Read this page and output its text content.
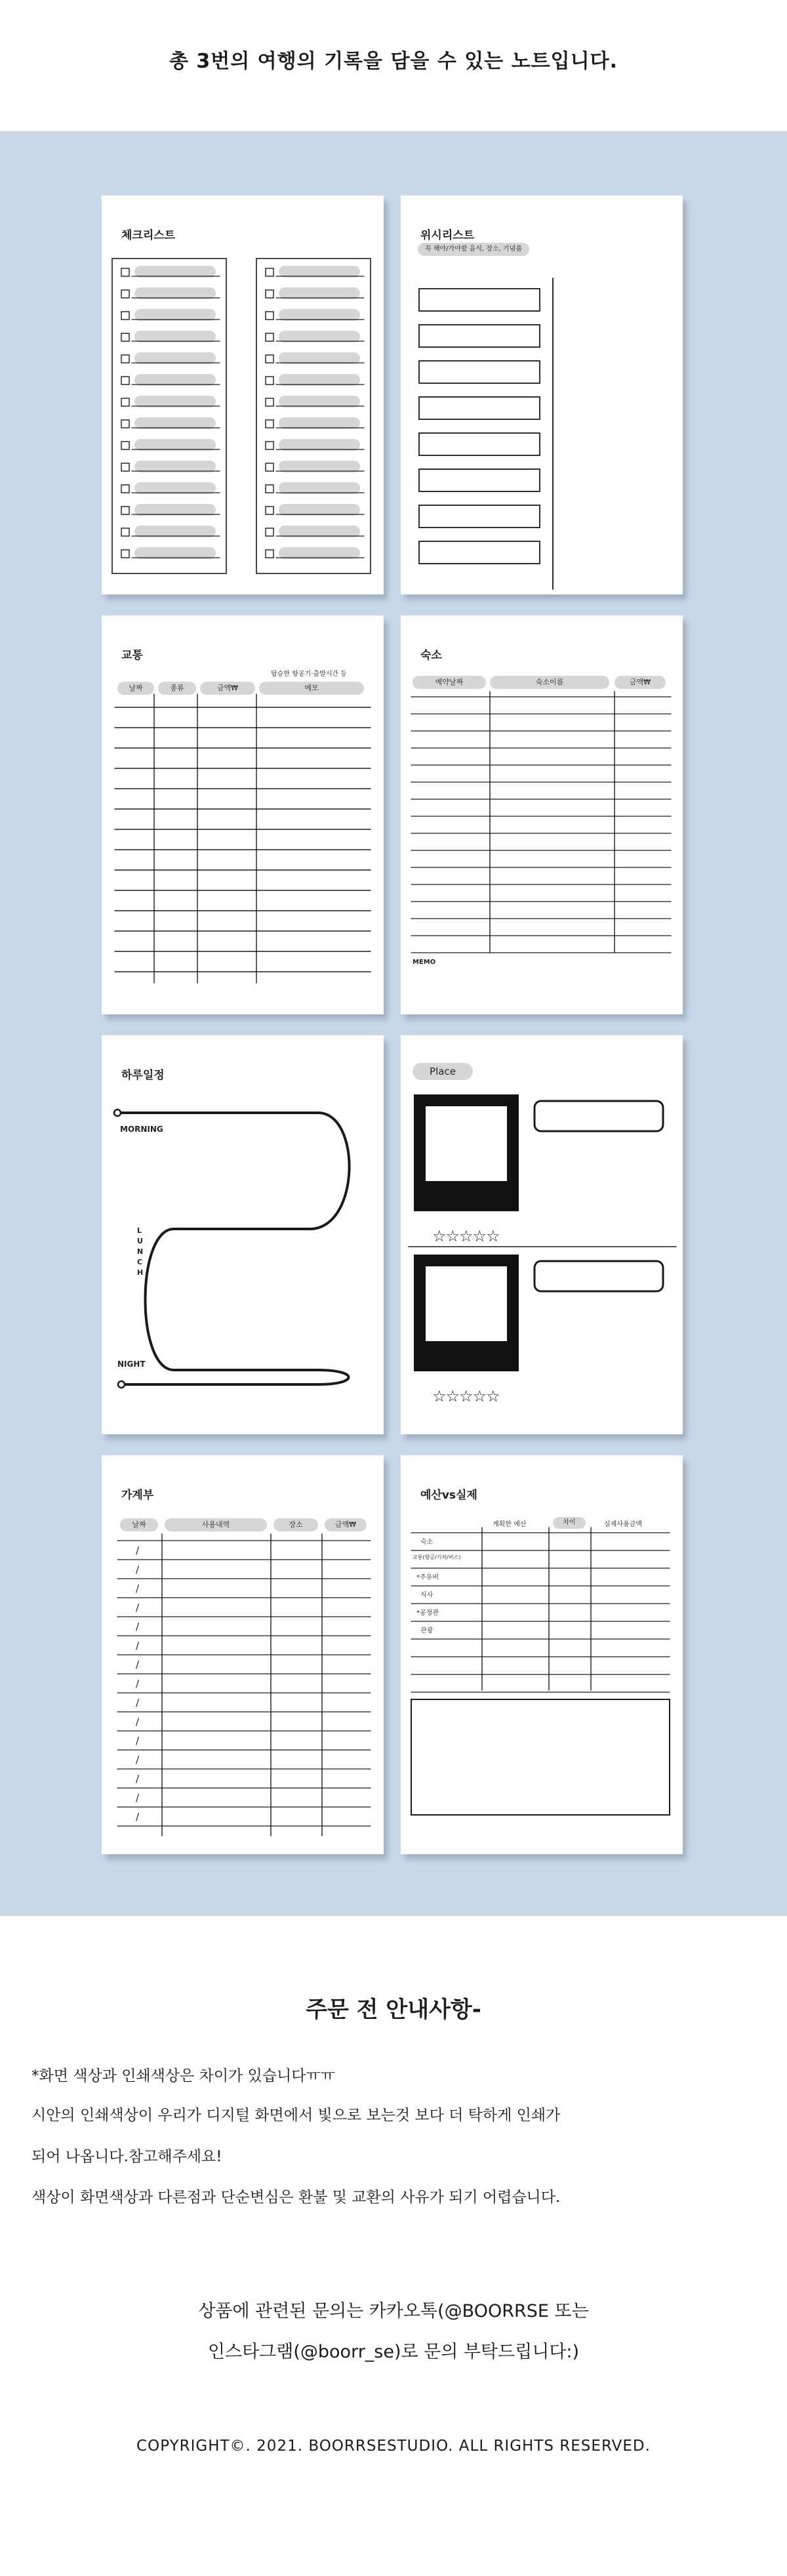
총 3번의 여행의 기록을 담을 수 있는 노트입니다.
체크리스트	위시리스트
꼭 해야/가야할 음식, 장소, 기념품
교통
탑승한 항공기·출발시간 등
날짜	종류	금액₩	메모
숙소
예약날짜	숙소이름	금액₩
MEMO
하루일정
MORNING
LUNCH
NIGHT
Place
☆☆☆☆☆
☆☆☆☆☆
가계부
날짜	사용내역	장소	금액₩
/
/
/
/
/
/
/
/
/
/
/
/
/
/
/
예산vs실제
계획한 예산	차이	실제사용금액
숙소
교통(항공/기차/버스)
*주유비
식사
*공정관
관광
주문 전 안내사항-
*화면 색상과 인쇄색상은 차이가 있습니다ㅠㅠ
시안의 인쇄색상이 우리가 디지털 화면에서 빛으로 보는것 보다 더 탁하게 인쇄가
되어 나옵니다.참고해주세요!
색상이 화면색상과 다른점과 단순변심은 환불 및 교환의 사유가 되기 어렵습니다.
상품에 관련된 문의는 카카오톡(@BOORRSE 또는
인스타그램(@boorr_se)로 문의 부탁드립니다:)
COPYRIGHT©. 2021. BOORRSESTUDIO. ALL RIGHTS RESERVED.
